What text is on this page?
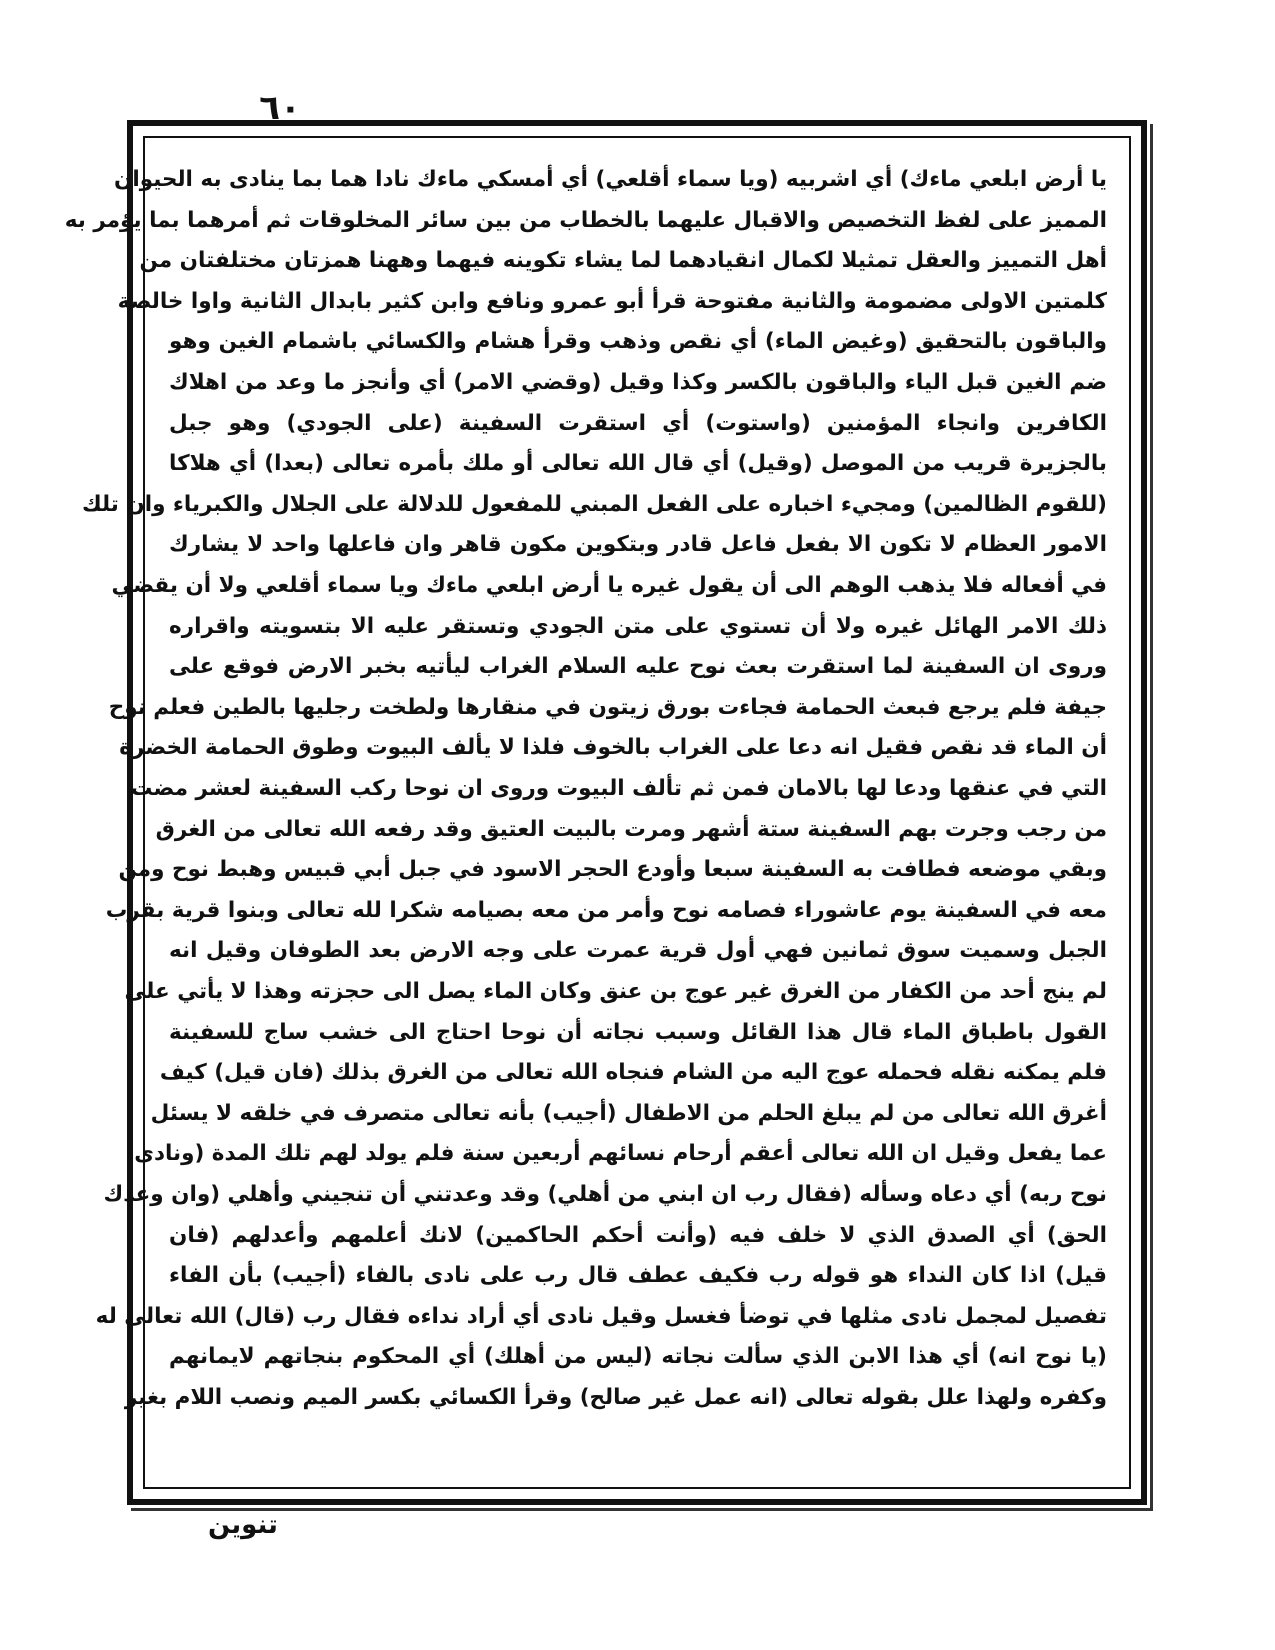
٦٠
يا أرض ابلعي ماءك) أي اشربيه (ويا سماء أقلعي) أي أمسكي ماءك نادا هما بما ينادى به الحيوان
المميز على لفظ التخصيص والاقبال عليهما بالخطاب من بين سائر المخلوقات ثم أمرهما بما يؤمر به
أهل التمييز والعقل تمثيلا لكمال انقيادهما لما يشاء تكوينه فيهما وههنا همزتان مختلفتان من
كلمتين الاولى مضمومة والثانية مفتوحة قرأ أبو عمرو ونافع وابن كثير بابدال الثانية واوا خالصة
والباقون بالتحقيق (وغيض الماء) أي نقص وذهب وقرأ هشام والكسائي باشمام الغين وهو
ضم الغين قبل الياء والباقون بالكسر وكذا وقيل (وقضي الامر) أي وأنجز ما وعد من اهلاك
الكافرين وانجاء المؤمنين (واستوت) أي استقرت السفينة (على الجودي) وهو جبل
بالجزيرة قريب من الموصل (وقيل) أي قال الله تعالى أو ملك بأمره تعالى (بعدا) أي هلاكا
(للقوم الظالمين) ومجيء اخباره على الفعل المبني للمفعول للدلالة على الجلال والكبرياء وان تلك
الامور العظام لا تكون الا بفعل فاعل قادر وبتكوين مكون قاهر وان فاعلها واحد لا يشارك
في أفعاله فلا يذهب الوهم الى أن يقول غيره يا أرض ابلعي ماءك ويا سماء أقلعي ولا أن يقضي
ذلك الامر الهائل غيره ولا أن تستوي على متن الجودي وتستقر عليه الا بتسويته واقراره
وروى ان السفينة لما استقرت بعث نوح عليه السلام الغراب ليأتيه بخبر الارض فوقع على
جيفة فلم يرجع فبعث الحمامة فجاءت بورق زيتون في منقارها ولطخت رجليها بالطين فعلم نوح
أن الماء قد نقص فقيل انه دعا على الغراب بالخوف فلذا لا يألف البيوت وطوق الحمامة الخضرة
التي في عنقها ودعا لها بالامان فمن ثم تألف البيوت وروى ان نوحا ركب السفينة لعشر مضت
من رجب وجرت بهم السفينة ستة أشهر ومرت بالبيت العتيق وقد رفعه الله تعالى من الغرق
وبقي موضعه فطافت به السفينة سبعا وأودع الحجر الاسود في جبل أبي قبيس وهبط نوح ومن
معه في السفينة يوم عاشوراء فصامه نوح وأمر من معه بصيامه شكرا لله تعالى وبنوا قرية بقرب
الجبل وسميت سوق ثمانين فهي أول قرية عمرت على وجه الارض بعد الطوفان وقيل انه
لم ينج أحد من الكفار من الغرق غير عوج بن عنق وكان الماء يصل الى حجزته وهذا لا يأتي على
القول باطباق الماء قال هذا القائل وسبب نجاته أن نوحا احتاج الى خشب ساج للسفينة
فلم يمكنه نقله فحمله عوج اليه من الشام فنجاه الله تعالى من الغرق بذلك (فان قيل) كيف
أغرق الله تعالى من لم يبلغ الحلم من الاطفال (أجيب) بأنه تعالى متصرف في خلقه لا يسئل
عما يفعل وقيل ان الله تعالى أعقم أرحام نسائهم أربعين سنة فلم يولد لهم تلك المدة (ونادى
نوح ربه) أي دعاه وسأله (فقال رب ان ابني من أهلي) وقد وعدتني أن تنجيني وأهلي (وان وعدك
الحق) أي الصدق الذي لا خلف فيه (وأنت أحكم الحاكمين) لانك أعلمهم وأعدلهم (فان
قيل) اذا كان النداء هو قوله رب فكيف عطف قال رب على نادى بالفاء (أجيب) بأن الفاء
تفصيل لمجمل نادى مثلها في توضأ فغسل وقيل نادى أي أراد نداءه فقال رب (قال) الله تعالى له
(يا نوح انه) أي هذا الابن الذي سألت نجاته (ليس من أهلك) أي المحكوم بنجاتهم لايمانهم
وكفره ولهذا علل بقوله تعالى (انه عمل غير صالح) وقرأ الكسائي بكسر الميم ونصب اللام بغير
تنوين
